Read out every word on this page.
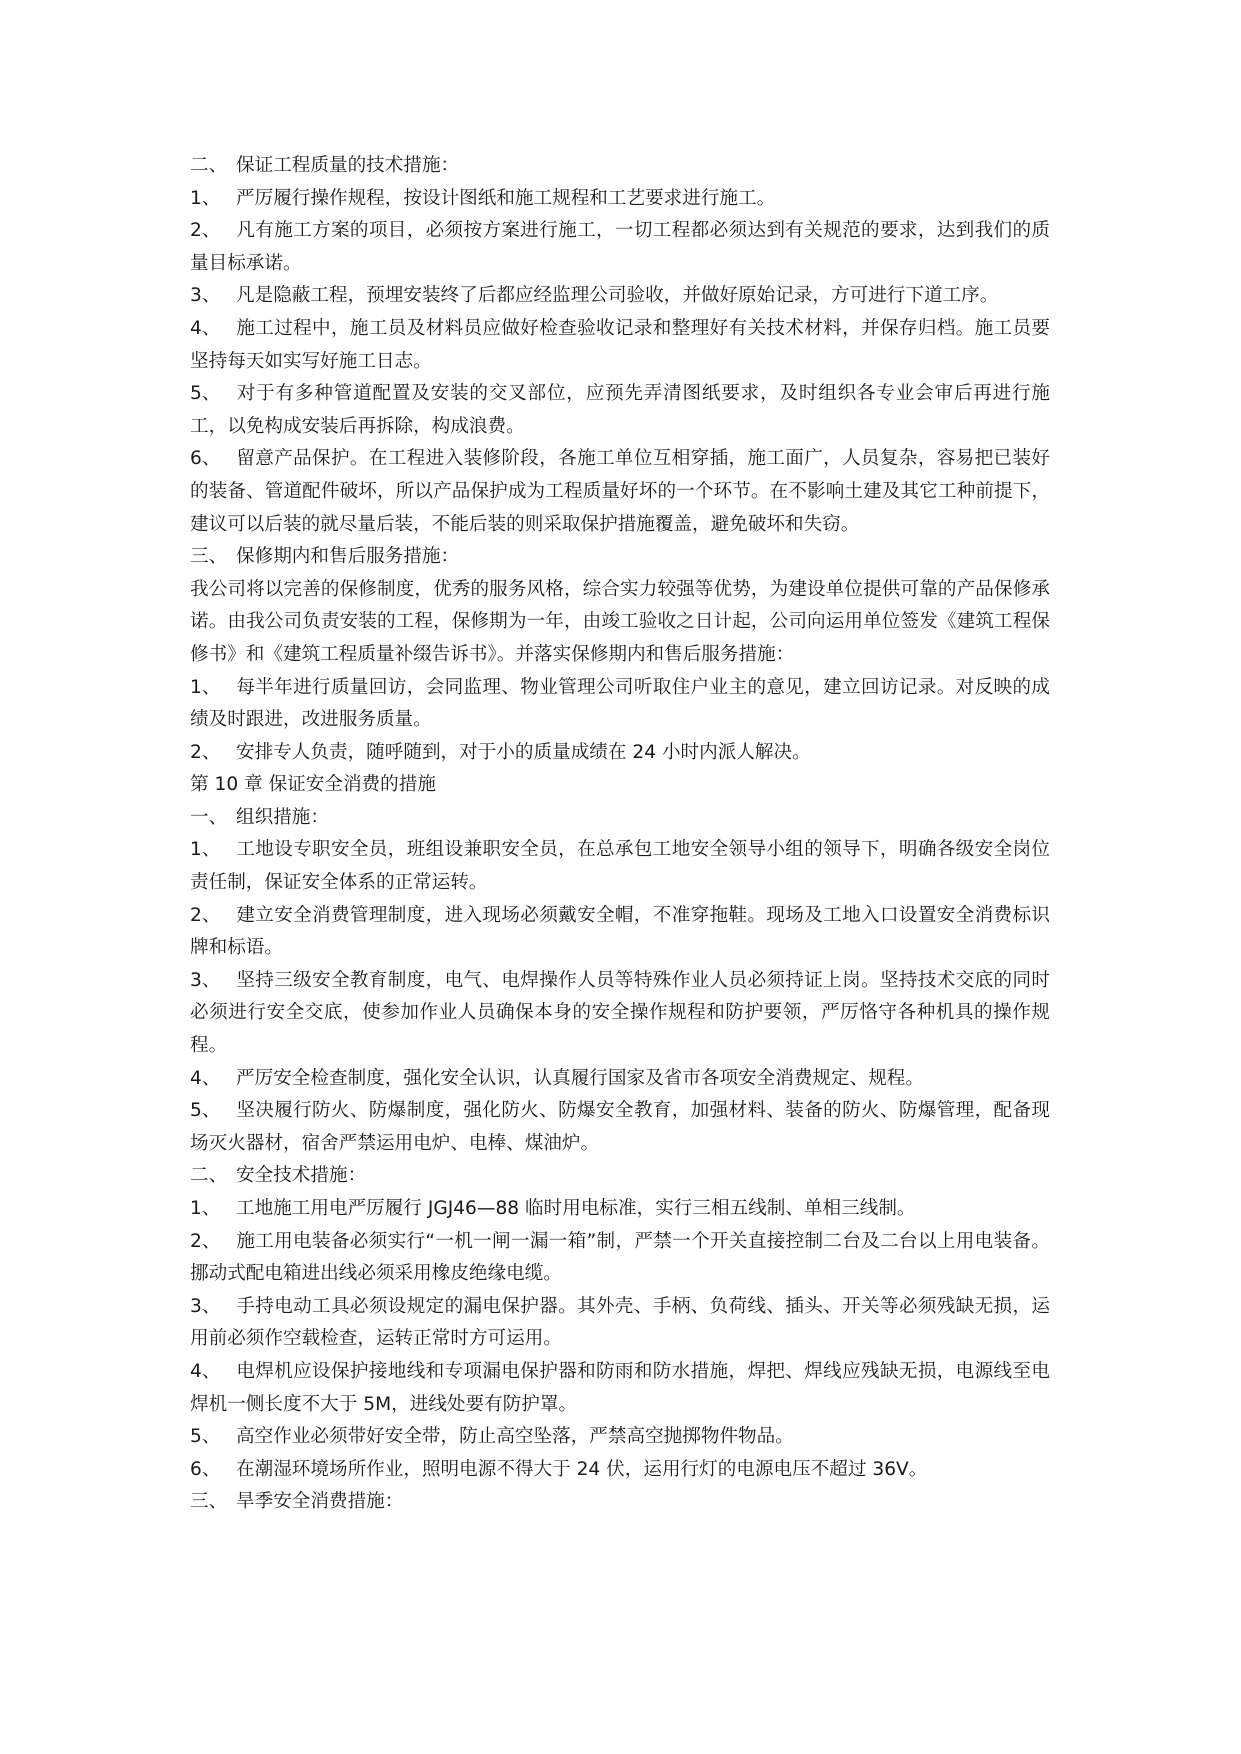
二、 保证工程质量的技术措施：

1、 严厉履行操作规程，按设计图纸和施工规程和工艺要求进行施工。

2、 凡有施工方案的项目，必须按方案进行施工，一切工程都必须达到有关规范的要求，达到我们的质量目标承诺。

3、 凡是隐蔽工程，预埋安装终了后都应经监理公司验收，并做好原始记录，方可进行下道工序。

4、 施工过程中，施工员及材料员应做好检查验收记录和整理好有关技术材料，并保存归档。施工员要坚持每天如实写好施工日志。

5、 对于有多种管道配置及安装的交叉部位，应预先弄清图纸要求，及时组织各专业会审后再进行施工，以免构成安装后再拆除，构成浪费。

6、 留意产品保护。在工程进入装修阶段，各施工单位互相穿插，施工面广，人员复杂，容易把已装好的装备、管道配件破坏，所以产品保护成为工程质量好坏的一个环节。在不影响土建及其它工种前提下，建议可以后装的就尽量后装，不能后装的则采取保护措施覆盖，避免破坏和失窃。

三、 保修期内和售后服务措施：

我公司将以完善的保修制度，优秀的服务风格，综合实力较强等优势，为建设单位提供可靠的产品保修承诺。由我公司负责安装的工程，保修期为一年，由竣工验收之日计起，公司向运用单位签发《建筑工程保修书》和《建筑工程质量补缀告诉书》。并落实保修期内和售后服务措施：

1、 每半年进行质量回访，会同监理、物业管理公司听取住户业主的意见，建立回访记录。对反映的成绩及时跟进，改进服务质量。

2、 安排专人负责，随呼随到，对于小的质量成绩在 24 小时内派人解决。

第 10 章 保证安全消费的措施

一、 组织措施：

1、 工地设专职安全员，班组设兼职安全员，在总承包工地安全领导小组的领导下，明确各级安全岗位责任制，保证安全体系的正常运转。

2、 建立安全消费管理制度，进入现场必须戴安全帽，不准穿拖鞋。现场及工地入口设置安全消费标识牌和标语。

3、 坚持三级安全教育制度，电气、电焊操作人员等特殊作业人员必须持证上岗。坚持技术交底的同时必须进行安全交底，使参加作业人员确保本身的安全操作规程和防护要领，严厉恪守各种机具的操作规程。

4、 严厉安全检查制度，强化安全认识，认真履行国家及省市各项安全消费规定、规程。

5、 坚决履行防火、防爆制度，强化防火、防爆安全教育，加强材料、装备的防火、防爆管理，配备现场灭火器材，宿舍严禁运用电炉、电棒、煤油炉。

二、 安全技术措施：

1、 工地施工用电严厉履行 JGJ46—88 临时用电标准，实行三相五线制、单相三线制。

2、 施工用电装备必须实行“一机一闸一漏一箱”制，严禁一个开关直接控制二台及二台以上用电装备。挪动式配电箱进出线必须采用橡皮绝缘电缆。

3、 手持电动工具必须设规定的漏电保护器。其外壳、手柄、负荷线、插头、开关等必须残缺无损，运用前必须作空载检查，运转正常时方可运用。

4、 电焊机应设保护接地线和专项漏电保护器和防雨和防水措施，焊把、焊线应残缺无损，电源线至电焊机一侧长度不大于 5M，进线处要有防护罩。

5、 高空作业必须带好安全带，防止高空坠落，严禁高空抛掷物件物品。

6、 在潮湿环境场所作业，照明电源不得大于 24 伏，运用行灯的电源电压不超过 36V。

三、 旱季安全消费措施：
